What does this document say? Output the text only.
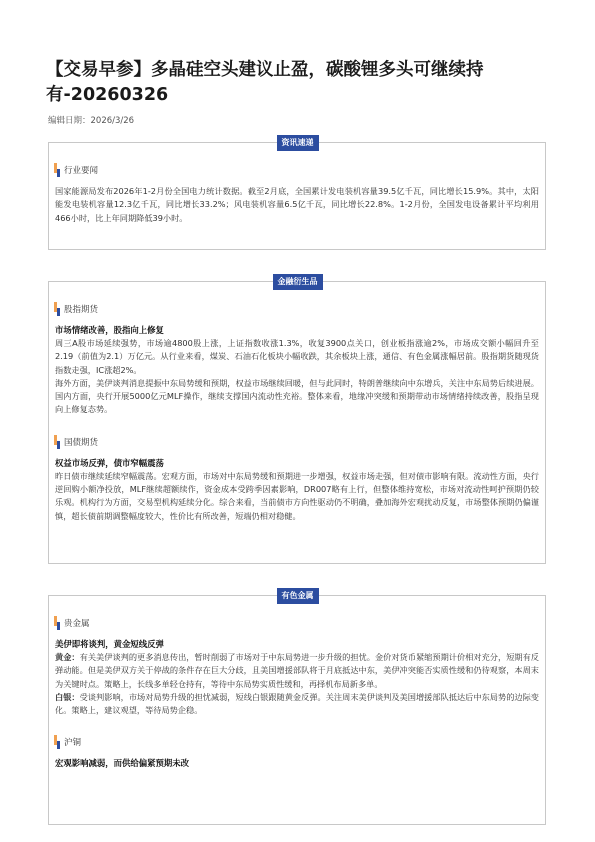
【交易早参】多晶硅空头建议止盈，碳酸锂多头可继续持有-20260326
编辑日期：2026/3/26
资讯速递
行业要闻

国家能源局发布2026年1-2月份全国电力统计数据。截至2月底，全国累计发电装机容量39.5亿千瓦，同比增长15.9%。其中，太阳能发电装机容量12.3亿千瓦，同比增长33.2%；风电装机容量6.5亿千瓦，同比增长22.8%。1-2月份，全国发电设备累计平均利用466小时，比上年同期降低39小时。

金融衍生品
股指期货

市场情绪改善，股指向上修复

周三A股市场延续强势，市场逾4800股上涨，上证指数收涨1.3%，收复3900点关口，创业板指涨逾2%，市场成交额小幅回升至2.19（前值为2.1）万亿元。从行业来看，煤炭、石油石化板块小幅收跌，其余板块上涨，通信、有色金属涨幅居前。股指期货随现货指数走强，IC涨超2%。

海外方面，美伊谈判消息提振中东局势缓和预期，权益市场继续回暖，但与此同时，特朗普继续向中东增兵，关注中东局势后续进展。国内方面，央行开展5000亿元MLF操作，继续支撑国内流动性充裕。整体来看，地缘冲突缓和预期带动市场情绪持续改善，股指呈现向上修复态势。

国债期货

权益市场反弹，债市窄幅震荡

昨日债市继续延续窄幅震荡。宏观方面，市场对中东局势缓和预期进一步增强，权益市场走强，但对债市影响有限。流动性方面，央行逆回购小额净投放，MLF继续超额续作，资金成本受跨季因素影响，DR007略有上行，但整体维持宽松，市场对流动性呵护预期仍较乐观。机构行为方面，交易型机构延续分化。综合来看，当前债市方向性驱动仍不明确，叠加海外宏观扰动反复，市场整体预期仍偏谨慎，超长债前期调整幅度较大，性价比有所改善，短端仍相对稳健。

有色金属
贵金属

美伊即将谈判，黄金短线反弹

黄金：有关美伊谈判的更多消息传出，暂时削弱了市场对于中东局势进一步升级的担忧。金价对货币紧缩预期计价相对充分，短期有反弹动能。但是美伊双方关于停战的条件存在巨大分歧，且美国增援部队将于月底抵达中东，美伊冲突能否实质性缓和仍待观察，本周末为关键时点。策略上，长线多单轻仓持有，等待中东局势实质性缓和，再择机布局新多单。

白银：受谈判影响，市场对局势升级的担忧减弱，短线白银跟随黄金反弹。关注周末美伊谈判及美国增援部队抵达后中东局势的边际变化。策略上，建议观望，等待局势企稳。

沪铜

宏观影响减弱，而供给偏紧预期未改
